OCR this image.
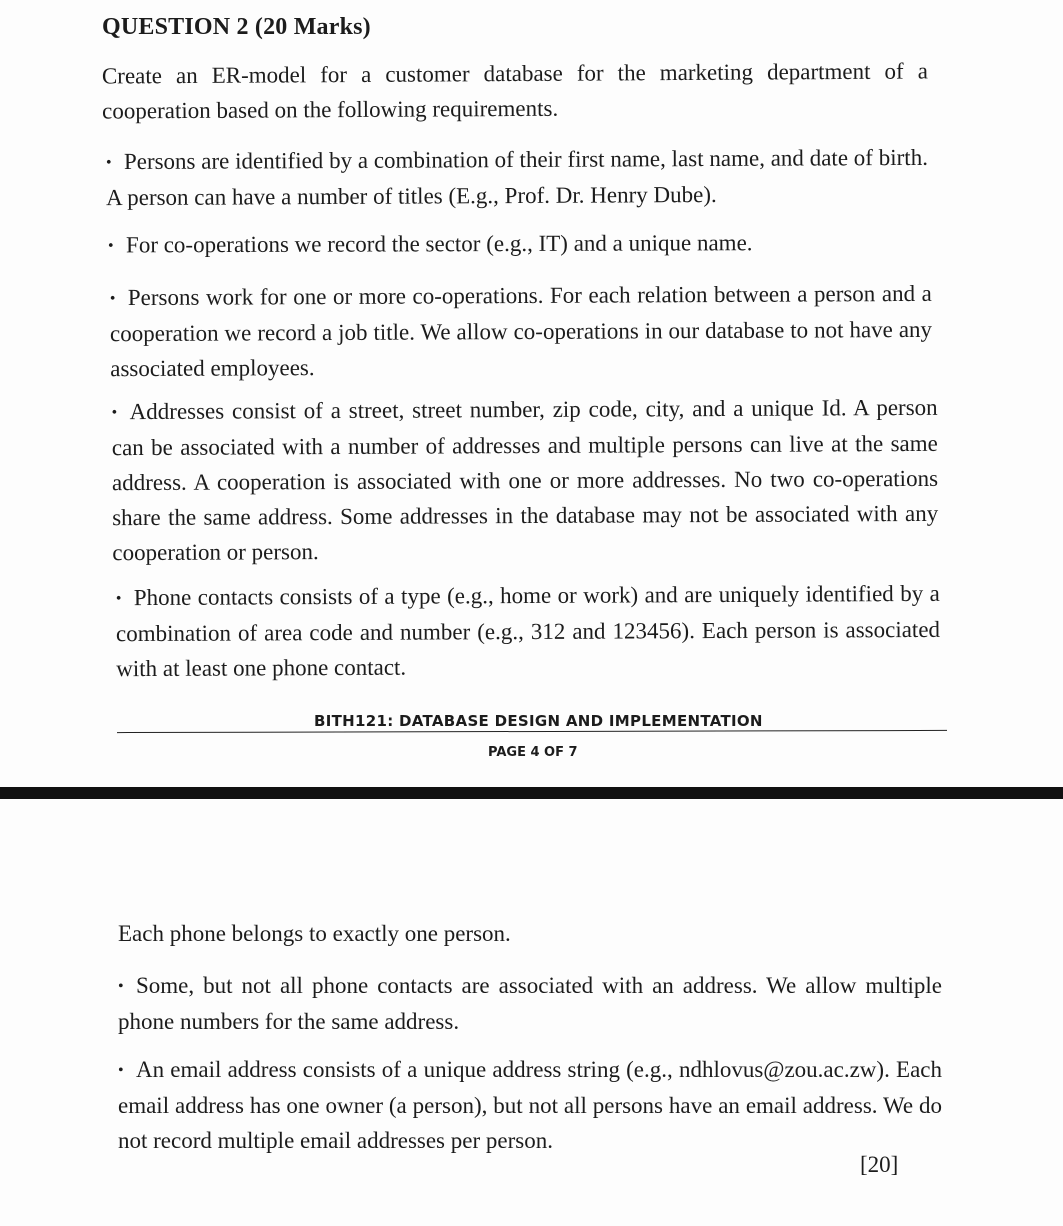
QUESTION 2 (20 Marks)

Create an ER-model for a customer database for the marketing department of a cooperation based on the following requirements.

• Persons are identified by a combination of their first name, last name, and date of birth. A person can have a number of titles (E.g., Prof. Dr. Henry Dube).

• For co-operations we record the sector (e.g., IT) and a unique name.

• Persons work for one or more co-operations. For each relation between a person and a cooperation we record a job title. We allow co-operations in our database to not have any associated employees.

• Addresses consist of a street, street number, zip code, city, and a unique Id. A person can be associated with a number of addresses and multiple persons can live at the same address. A cooperation is associated with one or more addresses. No two co-operations share the same address. Some addresses in the database may not be associated with any cooperation or person.

• Phone contacts consists of a type (e.g., home or work) and are uniquely identified by a combination of area code and number (e.g., 312 and 123456). Each person is associated with at least one phone contact.

BITH121: DATABASE DESIGN AND IMPLEMENTATION
PAGE 4 OF 7

Each phone belongs to exactly one person.

• Some, but not all phone contacts are associated with an address. We allow multiple phone numbers for the same address.

• An email address consists of a unique address string (e.g., ndhlovus@zou.ac.zw). Each email address has one owner (a person), but not all persons have an email address. We do not record multiple email addresses per person.

[20]
